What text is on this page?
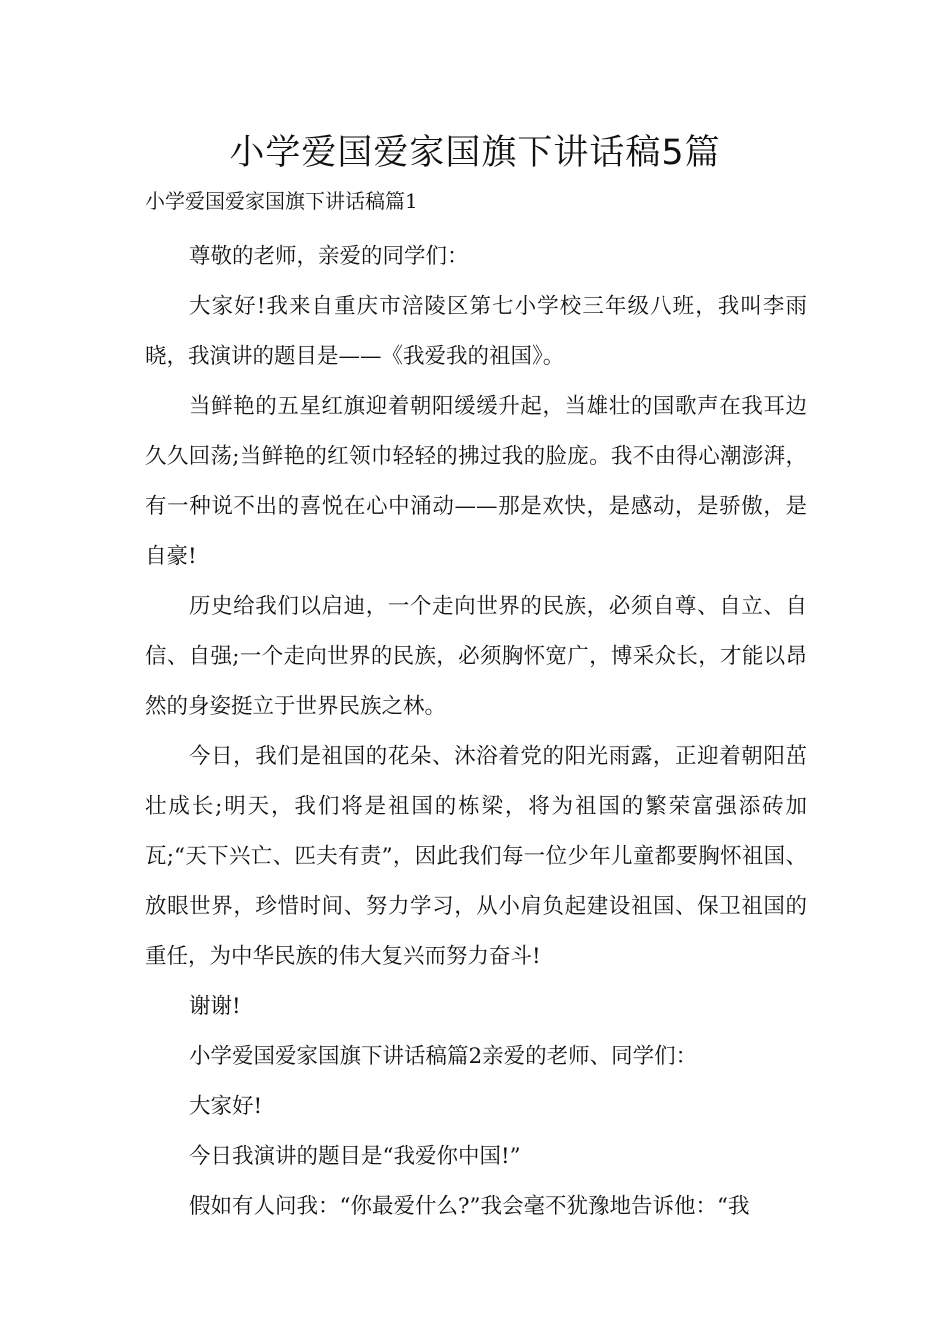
小学爱国爱家国旗下讲话稿5篇
小学爱国爱家国旗下讲话稿篇1

尊敬的老师，亲爱的同学们：

大家好!我来自重庆市涪陵区第七小学校三年级八班，我叫李雨晓，我演讲的题目是——《我爱我的祖国》。

当鲜艳的五星红旗迎着朝阳缓缓升起，当雄壮的国歌声在我耳边久久回荡;当鲜艳的红领巾轻轻的拂过我的脸庞。我不由得心潮澎湃，有一种说不出的喜悦在心中涌动——那是欢快，是感动，是骄傲，是自豪!

历史给我们以启迪，一个走向世界的民族，必须自尊、自立、自信、自强;一个走向世界的民族，必须胸怀宽广，博采众长，才能以昂然的身姿挺立于世界民族之林。

今日，我们是祖国的花朵、沐浴着党的阳光雨露，正迎着朝阳茁壮成长;明天，我们将是祖国的栋梁，将为祖国的繁荣富强添砖加瓦;“天下兴亡、匹夫有责”，因此我们每一位少年儿童都要胸怀祖国、放眼世界，珍惜时间、努力学习，从小肩负起建设祖国、保卫祖国的重任，为中华民族的伟大复兴而努力奋斗!

谢谢!

小学爱国爱家国旗下讲话稿篇2亲爱的老师、同学们：

大家好!

今日我演讲的题目是“我爱你中国!”

假如有人问我：“你最爱什么?”我会毫不犹豫地告诉他：“我
